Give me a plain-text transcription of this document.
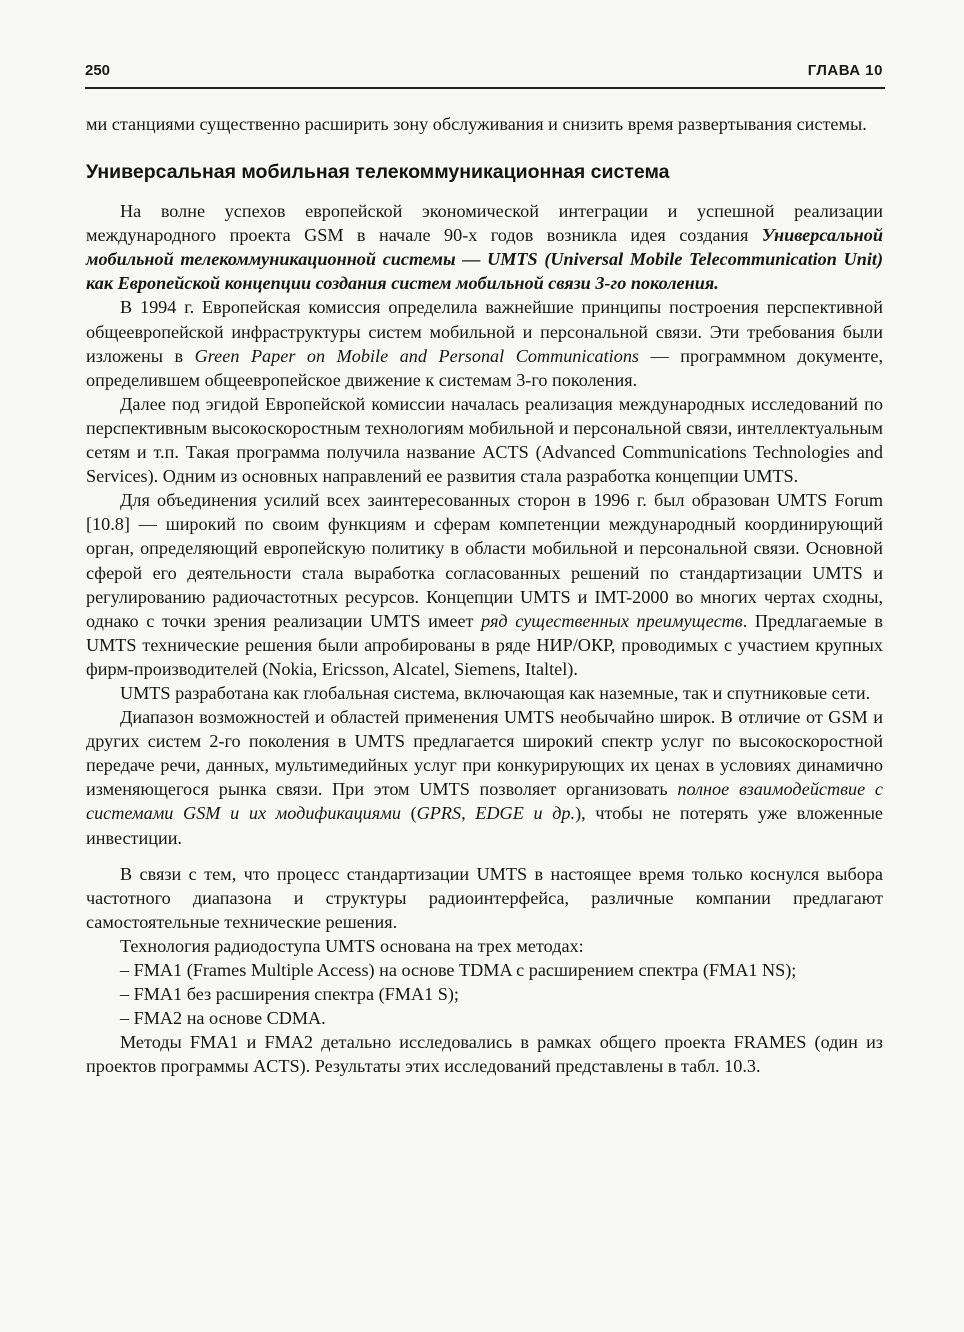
250	ГЛАВА 10

ми станциями существенно расширить зону обслуживания и снизить время развертывания системы.

Универсальная мобильная телекоммуникационная система

На волне успехов европейской экономической интеграции и успешной реализации международного проекта GSM в начале 90-х годов возникла идея создания Универсальной мобильной телекоммуникационной системы — UMTS (Universal Mobile Telecommunication Unit) как Европейской концепции создания систем мобильной связи 3-го поколения.

В 1994 г. Европейская комиссия определила важнейшие принципы построения перспективной общеевропейской инфраструктуры систем мобильной и персональной связи. Эти требования были изложены в Green Paper on Mobile and Personal Communications — программном документе, определившем общеевропейское движение к системам 3-го поколения.

Далее под эгидой Европейской комиссии началась реализация международных исследований по перспективным высокоскоростным технологиям мобильной и персональной связи, интеллектуальным сетям и т.п. Такая программа получила название ACTS (Advanced Communications Technologies and Services). Одним из основных направлений ее развития стала разработка концепции UMTS.

Для объединения усилий всех заинтересованных сторон в 1996 г. был образован UMTS Forum [10.8] — широкий по своим функциям и сферам компетенции международный координирующий орган, определяющий европейскую политику в области мобильной и персональной связи. Основной сферой его деятельности стала выработка согласованных решений по стандартизации UMTS и регулированию радиочастотных ресурсов. Концепции UMTS и IMT-2000 во многих чертах сходны, однако с точки зрения реализации UMTS имеет ряд существенных преимуществ. Предлагаемые в UMTS технические решения были апробированы в ряде НИР/ОКР, проводимых с участием крупных фирм-производителей (Nokia, Ericsson, Alcatel, Siemens, Italtel).

UMTS разработана как глобальная система, включающая как наземные, так и спутниковые сети.

Диапазон возможностей и областей применения UMTS необычайно широк. В отличие от GSM и других систем 2-го поколения в UMTS предлагается широкий спектр услуг по высокоскоростной передаче речи, данных, мультимедийных услуг при конкурирующих их ценах в условиях динамично изменяющегося рынка связи. При этом UMTS позволяет организовать полное взаимодействие с системами GSM и их модификациями (GPRS, EDGE и др.), чтобы не потерять уже вложенные инвестиции.

В связи с тем, что процесс стандартизации UMTS в настоящее время только коснулся выбора частотного диапазона и структуры радиоинтерфейса, различные компании предлагают самостоятельные технические решения.

Технология радиодоступа UMTS основана на трех методах:

– FMA1 (Frames Multiple Access) на основе TDMA с расширением спектра (FMA1 NS);

– FMA1 без расширения спектра (FMA1 S);

– FMA2 на основе CDMA.

Методы FMA1 и FMA2 детально исследовались в рамках общего проекта FRAMES (один из проектов программы ACTS). Результаты этих исследований представлены в табл. 10.3.
